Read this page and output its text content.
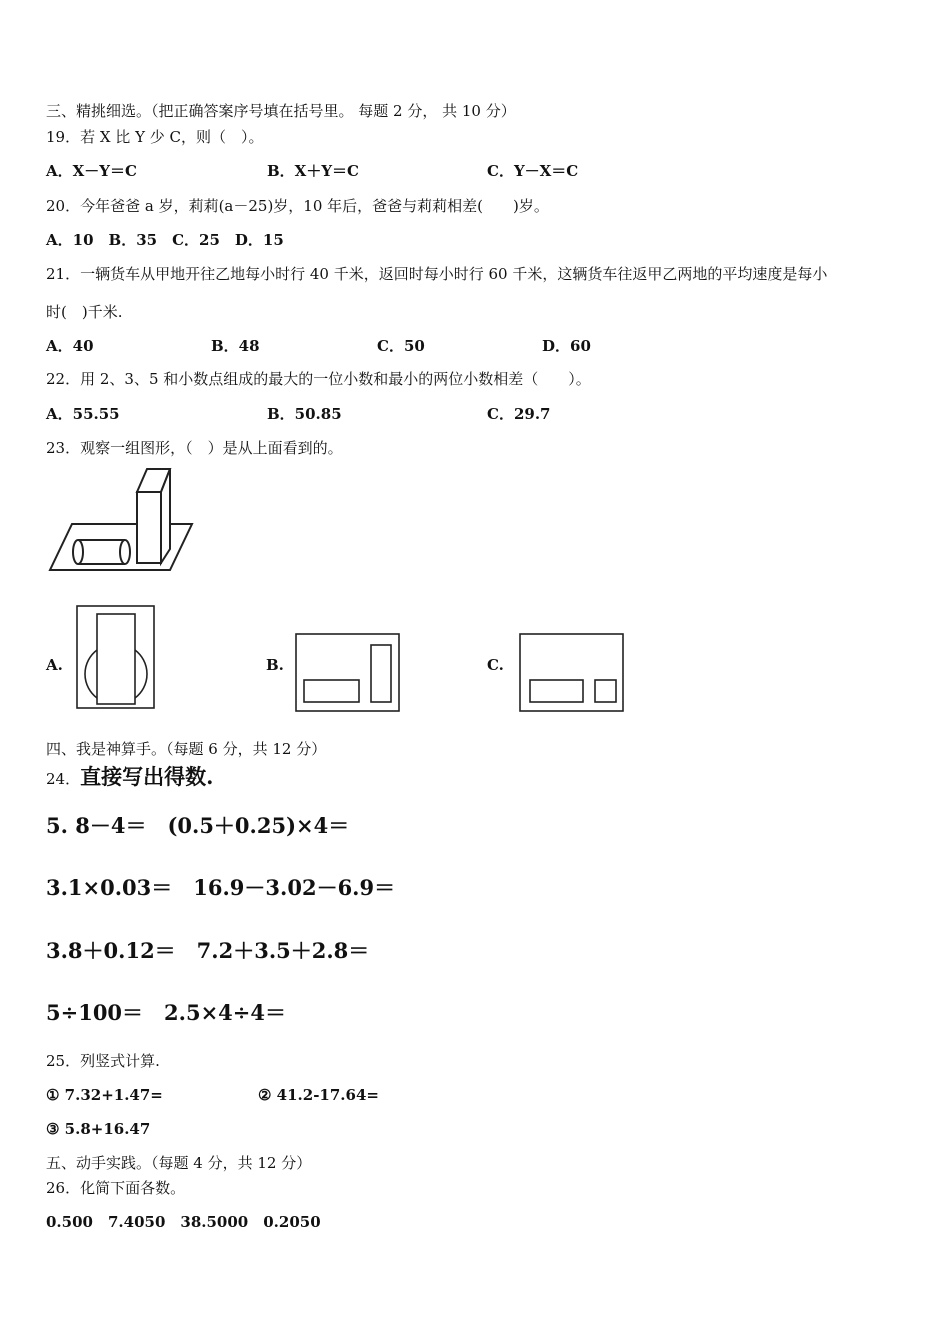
三、精挑细选。（把正确答案序号填在括号里。 每题 2 分， 共 10 分）
19．若 X 比 Y 少 C，则（　）。
A．X－Y＝C	B．X＋Y＝C	C．Y－X＝C
20．今年爸爸 a 岁，莉莉(a－25)岁，10 年后，爸爸与莉莉相差(　　)岁。
A．10　B．35　C．25　D．15
21．一辆货车从甲地开往乙地每小时行 40 千米，返回时每小时行 60 千米，这辆货车往返甲乙两地的平均速度是每小
时(　)千米.
A．40	B．48	C．50	D．60
22．用 2、3、5 和小数点组成的最大的一位小数和最小的两位小数相差（　　）。
A．55.55	B．50.85	C．29.7
23．观察一组图形，（　）是从上面看到的。
A.	B.	C.
四、我是神算手。（每题 6 分，共 12 分）
24．直接写出得数.
5. 8－4＝　(0.5＋0.25)×4＝
3.1×0.03＝　16.9－3.02－6.9＝
3.8＋0.12＝　7.2＋3.5＋2.8＝
5÷100＝　2.5×4÷4＝
25．列竖式计算.
① 7.32+1.47=	② 41.2-17.64=
③ 5.8+16.47
五、动手实践。（每题 4 分，共 12 分）
26．化简下面各数。
0.500　7.4050　38.5000　0.2050
